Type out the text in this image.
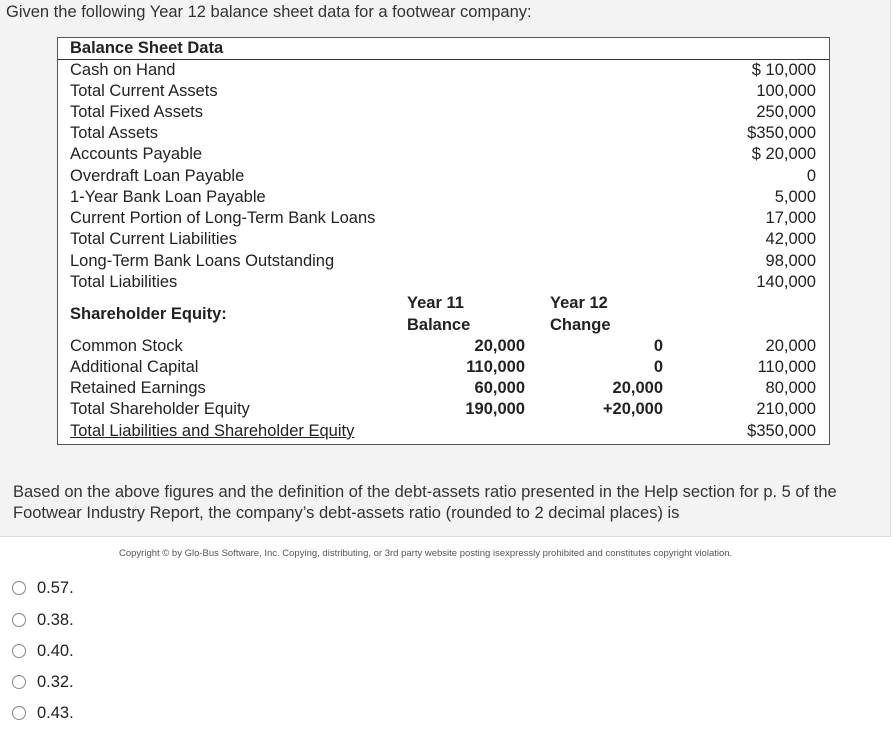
Given the following Year 12 balance sheet data for a footwear company:
Balance Sheet Data
Cash on Hand	$ 10,000
Total Current Assets	100,000
Total Fixed Assets	250,000
Total Assets	$350,000
Accounts Payable	$ 20,000
Overdraft Loan Payable	0
1-Year Bank Loan Payable	5,000
Current Portion of Long-Term Bank Loans	17,000
Total Current Liabilities	42,000
Long-Term Bank Loans Outstanding	98,000
Total Liabilities	140,000
Shareholder Equity:
Year 11
Balance
Year 12
Change
Common Stock	20,000	0	20,000
Additional Capital	110,000	0	110,000
Retained Earnings	60,000	20,000	80,000
Total Shareholder Equity	190,000	+20,000	210,000
Total Liabilities and Shareholder Equity	$350,000
Based on the above figures and the definition of the debt-assets ratio presented in the Help section for p. 5 of the Footwear Industry Report, the company’s debt-assets ratio (rounded to 2 decimal places) is
Copyright © by Glo-Bus Software, Inc. Copying, distributing, or 3rd party website posting isexpressly prohibited and constitutes copyright violation.
0.57.
0.38.
0.40.
0.32.
0.43.
